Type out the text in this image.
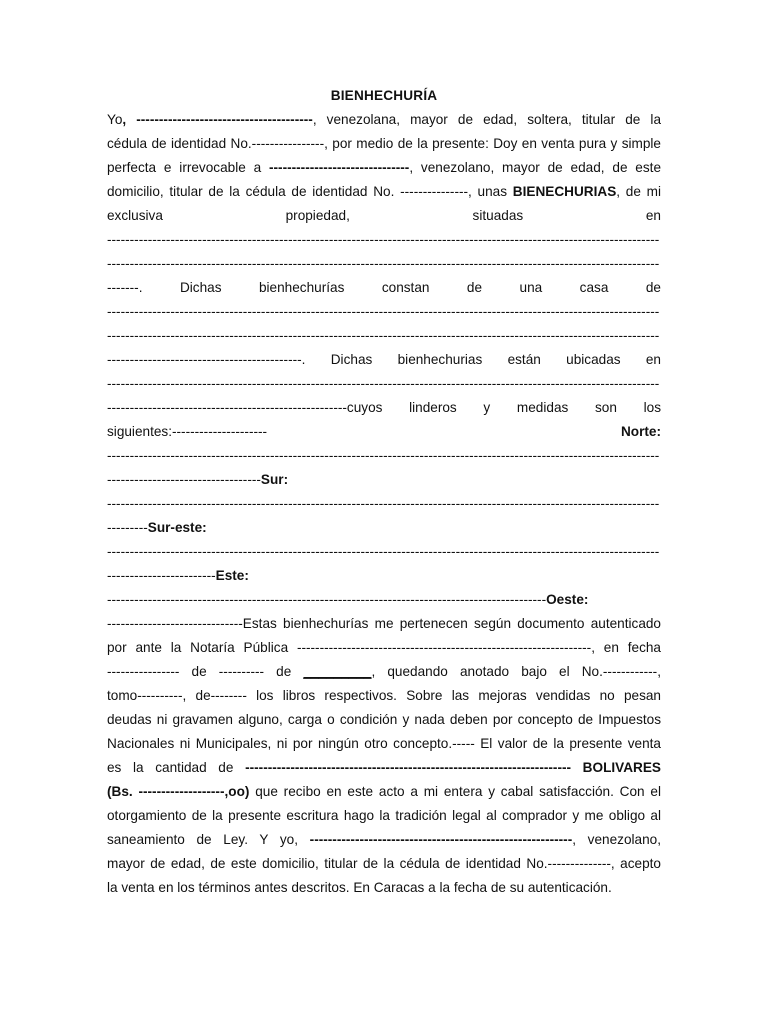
BIENHECHURÍA
Yo, ---------------------------------------, venezolana, mayor de edad, soltera, titular de la
cédula de identidad No.----------------, por medio de la presente: Doy en venta pura y simple
perfecta e irrevocable a -------------------------------, venezolano, mayor de edad, de este
domicilio, titular de la cédula de identidad No. ---------------, unas BIENECHURIAS, de mi
exclusiva propiedad, situadas en
--------------------------------------------------------------------------------------------------------------------------
--------------------------------------------------------------------------------------------------------------------------
-------. Dichas bienhechurías constan de una casa de
--------------------------------------------------------------------------------------------------------------------------
--------------------------------------------------------------------------------------------------------------------------
-------------------------------------------. Dichas bienhechurias están ubicadas en
--------------------------------------------------------------------------------------------------------------------------
-----------------------------------------------------cuyos linderos y medidas son los
siguientes:---------------------	Norte:
--------------------------------------------------------------------------------------------------------------------------
----------------------------------Sur:
--------------------------------------------------------------------------------------------------------------------------
---------Sur-este:
--------------------------------------------------------------------------------------------------------------------------
------------------------Este:
-------------------------------------------------------------------------------------------------Oeste:
------------------------------Estas bienhechurías me pertenecen según documento autenticado
por ante la Notaría Pública -----------------------------------------------------------------, en fecha
---------------- de ---------- de _________, quedando anotado bajo el No.------------,
tomo----------, de-------- los libros respectivos. Sobre las mejoras vendidas no pesan
deudas ni gravamen alguno, carga o condición y nada deben por concepto de Impuestos
Nacionales ni Municipales, ni por ningún otro concepto.----- El valor de la presente venta
es la cantidad de ------------------------------------------------------------------------ BOLIVARES
(Bs. -------------------,oo) que recibo en este acto a mi entera y cabal satisfacción. Con el
otorgamiento de la presente escritura hago la tradición legal al comprador y me obligo al
saneamiento de Ley. Y yo, ----------------------------------------------------------, venezolano,
mayor de edad, de este domicilio, titular de la cédula de identidad No.--------------, acepto
la venta en los términos antes descritos. En Caracas a la fecha de su autenticación.
